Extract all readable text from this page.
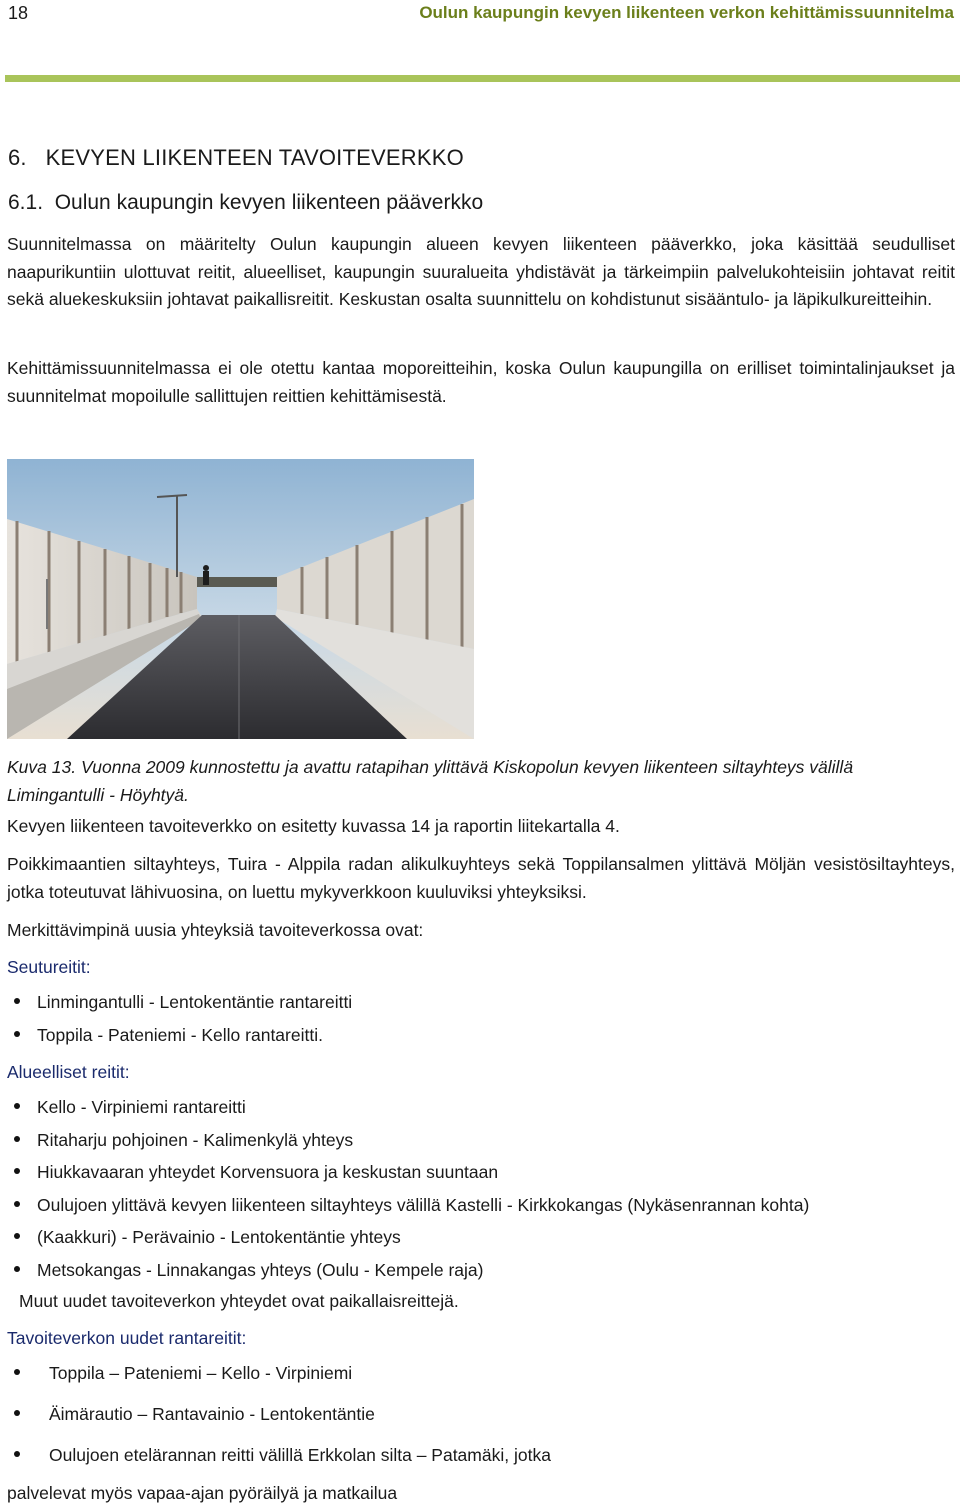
18	Oulun kaupungin kevyen liikenteen verkon kehittämissuunnitelma
6.   KEVYEN LIIKENTEEN TAVOITEVERKKO
6.1.  Oulun kaupungin kevyen liikenteen pääverkko
Suunnitelmassa on määritelty Oulun kaupungin alueen kevyen liikenteen pääverkko, joka käsittää seudulliset naapurikuntiin ulottuvat reitit, alueelliset, kaupungin suuralueita yhdistävät ja tärkeimpiin palvelukohteisiin johtavat reitit sekä aluekeskuksiin johtavat paikallisreitit. Keskustan osalta suunnittelu on kohdistunut sisääntulo- ja läpikulkureitteihin.
Kehittämissuunnitelmassa ei ole otettu kantaa moporeitteihin, koska Oulun kaupungilla on erilliset toimintalinjaukset ja suunnitelmat mopoilulle sallittujen reittien kehittämisestä.
Kuva 13. Vuonna 2009 kunnostettu ja avattu ratapihan ylittävä Kiskopolun kevyen liikenteen siltayhteys välillä Limingantulli - Höyhtyä.
Kevyen liikenteen tavoiteverkko on esitetty kuvassa 14 ja raportin liitekartalla 4.
Poikkimaantien siltayhteys, Tuira - Alppila radan alikulkuyhteys sekä Toppilansalmen ylittävä Möljän vesistösiltayhteys, jotka toteutuvat lähivuosina, on luettu mykyverkkoon kuuluviksi yhteyksiksi.
Merkittävimpinä uusia yhteyksiä tavoiteverkossa ovat:
Seutureitit:
Linmingantulli - Lentokentäntie rantareitti
Toppila - Pateniemi - Kello rantareitti.
Alueelliset reitit:
Kello - Virpiniemi rantareitti
Ritaharju pohjoinen - Kalimenkylä yhteys
Hiukkavaaran yhteydet Korvensuora ja keskustan suuntaan
Oulujoen ylittävä kevyen liikenteen siltayhteys välillä Kastelli - Kirkkokangas (Nykäsenrannan kohta)
(Kaakkuri) - Perävainio - Lentokentäntie yhteys
Metsokangas - Linnakangas yhteys (Oulu - Kempele raja)
Muut uudet tavoiteverkon yhteydet ovat paikallaisreittejä.
Tavoiteverkon uudet rantareitit:
Toppila – Pateniemi – Kello - Virpiniemi
Äimärautio – Rantavainio - Lentokentäntie
Oulujoen etelärannan reitti välillä Erkkolan silta – Patamäki, jotka
palvelevat myös vapaa-ajan pyöräilyä ja matkailua
